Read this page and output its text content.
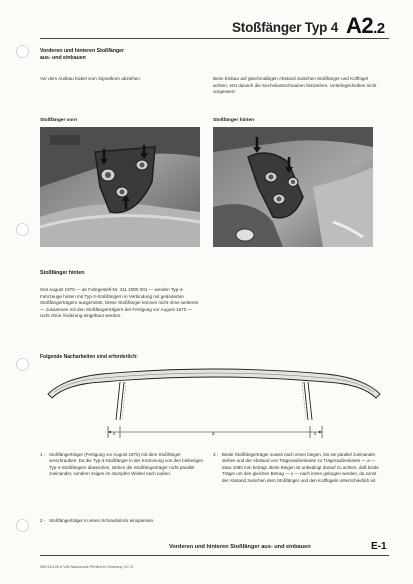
Stoßfänger Typ 4 A2.2
Vorderen und hinteren Stoßfänger
aus- und einbauen
Vor dem Ausbau Kabel vom Signalhorn abziehen.	Beim Einbau auf gleichmäßigen Abstand zwischen Stoßfänger und Kotflügel achten, erst danach die Sechskantschrauben festziehen. Unterlegscheiben nicht vergessen!
Stoßfänger vorn	Stoßfänger hinten
Stoßfänger hinten
Seit August 1970 — ab Fahrgestell-Nr. 411 2000 001 — werden Typ-4-Fahrzeuge hinten mit Typ-3-Stoßfängern in Verbindung mit geänderten Stoßfängerträgern ausgerüstet. Diese Stoßfänger können nicht ohne weiteres — zusammen mit den Stoßfängerträgern der Fertigung vor August 1970 — nicht ohne Änderung eingebaut werden.
Folgende Nacharbeiten sind erforderlich:
x	a	x
1 - Stoßfängerträger (Fertigung vor August 1970) mit dem Stoßfänger verschrauben. Da die Typ-3-Stoßfänger in der Krümmung von den bisherigen Typ-4-Stoßfängern abweichen, stehen die Stoßfängerträger nicht parallel zueinander, sondern zeigen im stumpfen Winkel nach außen.
2 - Stoßfängerträger in einen Schraubstock einspannen.
3 - Beide Stoßfängerträger soweit nach innen biegen, bis sie parallel zueinander stehen und der Abstand von Trägeraußenkante zu Trägeraußenkante — a — etwa 1080 mm beträgt. Beim Biegen ist unbedingt darauf zu achten, daß beide Träger um den gleichen Betrag — x — nach innen gebogen werden, da sonst der Abstand zwischen dem Stoßfänger und den Kotflügeln unterschiedlich ist.
Vorderen und hinteren Stoßfänger aus- und einbauen	E-1
369.914.00 A VW-Nachdruck Printed in Germany 10.73
